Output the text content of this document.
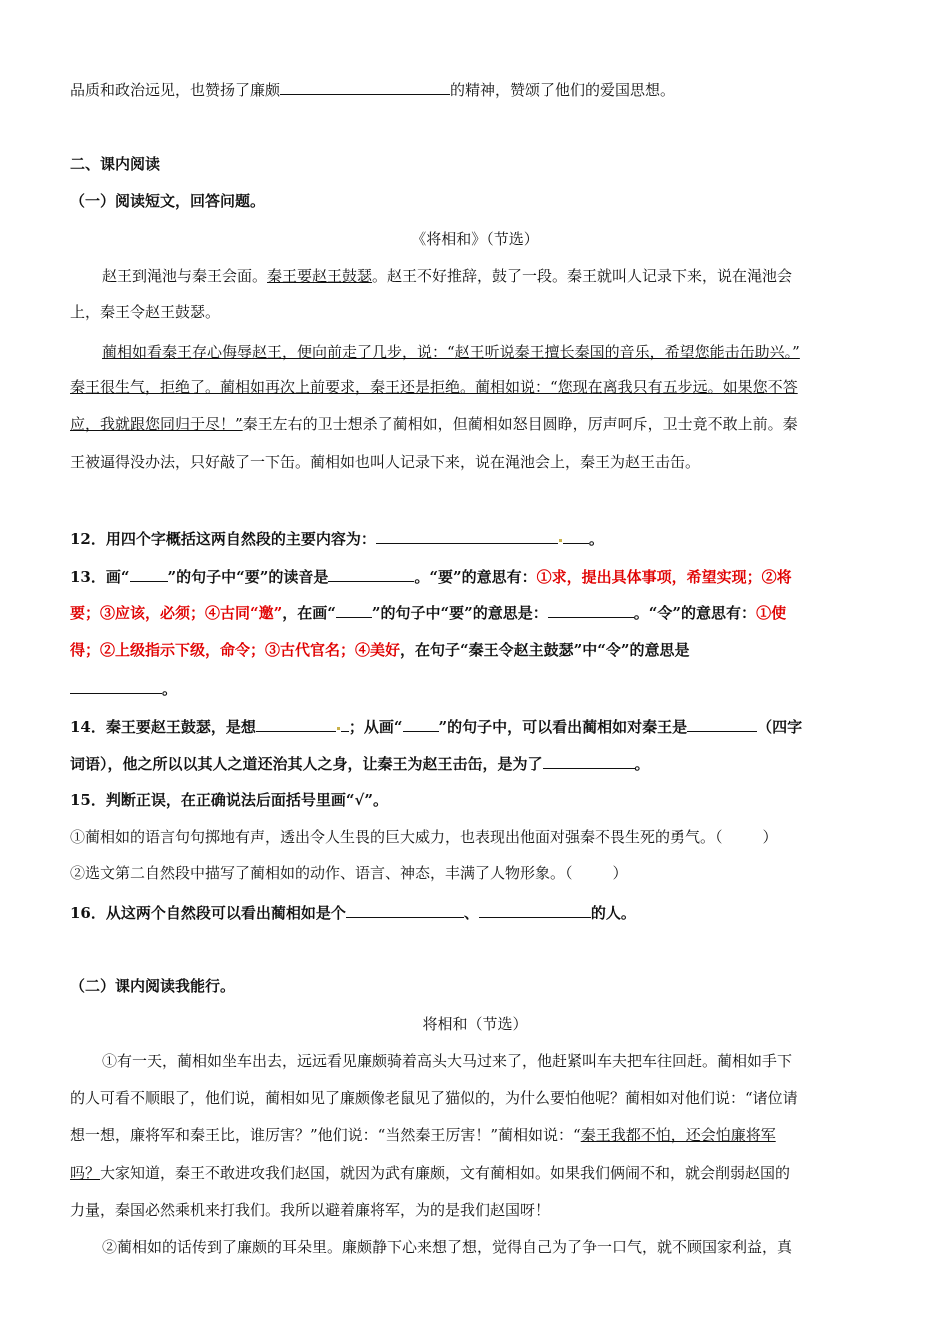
品质和政治远见，也赞扬了廉颇	的精神，赞颂了他们的爱国思想。
二、课内阅读
（一）阅读短文，回答问题。
《将相和》（节选）
赵王到渑池与秦王会面。秦王要赵王鼓瑟。赵王不好推辞，鼓了一段。秦王就叫人记录下来，说在渑池会
上，秦王令赵王鼓瑟。
蔺相如看秦王存心侮辱赵王，便向前走了几步，说：“赵王听说秦王擅长秦国的音乐，希望您能击缶助兴。”
秦王很生气，拒绝了。蔺相如再次上前要求，秦王还是拒绝。蔺相如说：“您现在离我只有五步远。如果您不答
应，我就跟您同归于尽！”秦王左右的卫士想杀了蔺相如，但蔺相如怒目圆睁，厉声呵斥，卫士竟不敢上前。秦
王被逼得没办法，只好敲了一下缶。蔺相如也叫人记录下来，说在渑池会上，秦王为赵王击缶。
12．用四个字概括这两自然段的主要内容为：	。
13．画“	”的句子中“要”的读音是	。“要”的意思有：①求，提出具体事项，希望实现；②将
要；③应该，必须；④古同“邀”，在画“ ”的句子中“要”的意思是：	。“令”的意思有：①使
得；②上级指示下级，命令；③古代官名；④美好，在句子“秦王令赵主鼓瑟”中“令”的意思是
。
14．秦王要赵王鼓瑟，是想	；从画“ ”的句子中，可以看出蔺相如对秦王是	（四字
词语），他之所以以其人之道还治其人之身，让秦王为赵王击缶，是为了	。
15．判断正误，在正确说法后面括号里画“√”。
①蔺相如的语言句句掷地有声，透出令人生畏的巨大威力，也表现出他面对强秦不畏生死的勇气。（	）
②选文第二自然段中描写了蔺相如的动作、语言、神态，丰满了人物形象。（	）
16．从这两个自然段可以看出蔺相如是个	、	的人。
（二）课内阅读我能行。
将相和（节选）
①有一天，蔺相如坐车出去，远远看见廉颇骑着高头大马过来了，他赶紧叫车夫把车往回赶。蔺相如手下
的人可看不顺眼了，他们说，蔺相如见了廉颇像老鼠见了猫似的，为什么要怕他呢？蔺相如对他们说：“诸位请
想一想，廉将军和秦王比，谁厉害？”他们说：“当然秦王厉害！”蔺相如说：“秦王我都不怕，还会怕廉将军
吗？大家知道，秦王不敢进攻我们赵国，就因为武有廉颇，文有蔺相如。如果我们俩闹不和，就会削弱赵国的
力量，秦国必然乘机来打我们。我所以避着廉将军，为的是我们赵国呀！
②蔺相如的话传到了廉颇的耳朵里。廉颇静下心来想了想，觉得自己为了争一口气，就不顾国家利益，真
